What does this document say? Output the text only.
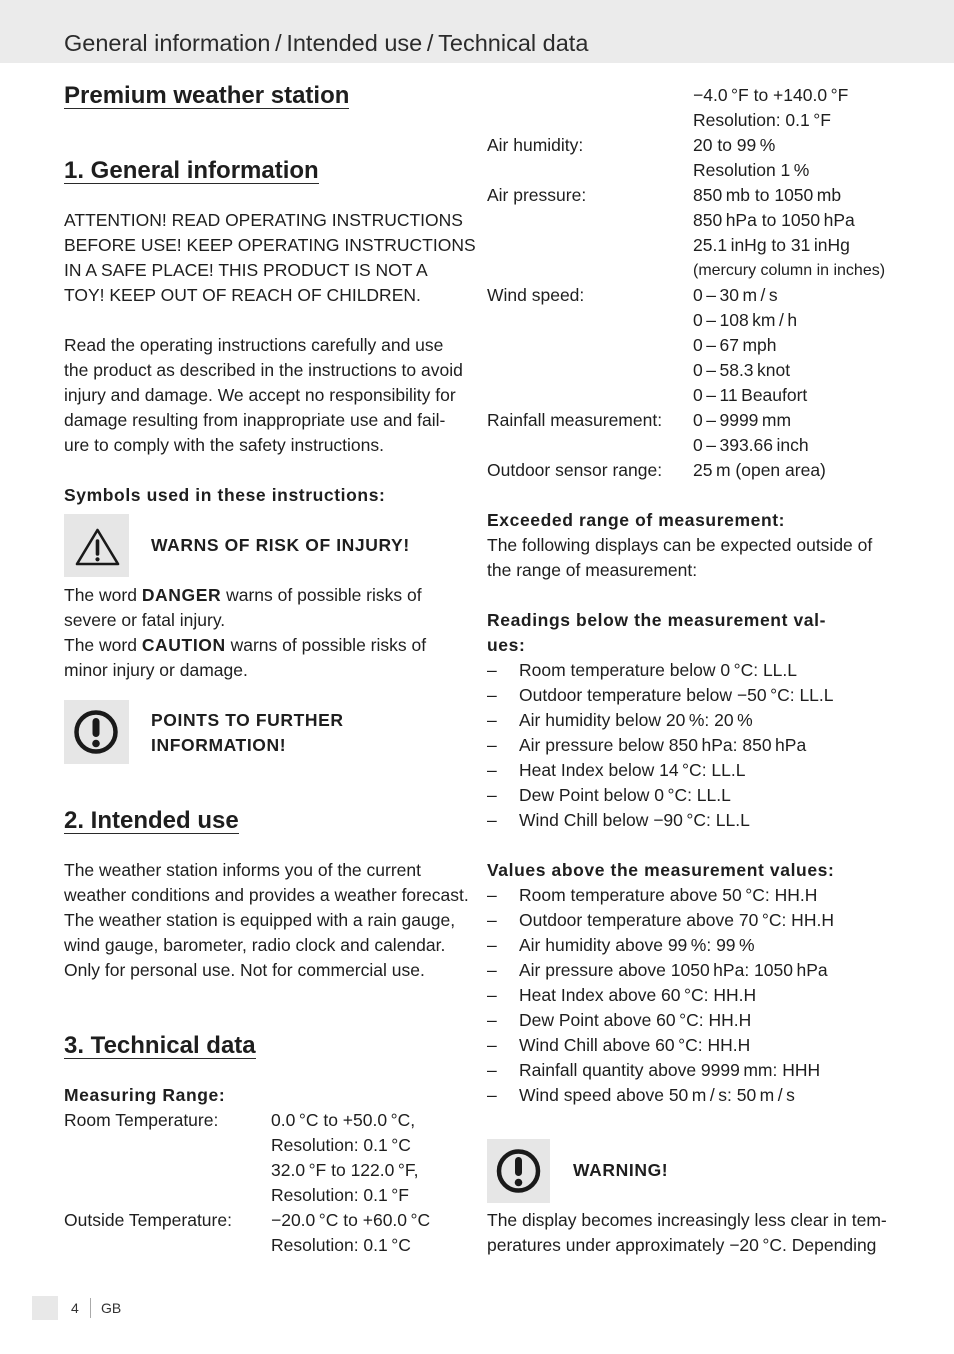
General information / Intended use / Technical data
Premium weather station
1. General information
ATTENTION! READ OPERATING INSTRUCTIONS
BEFORE USE! KEEP OPERATING INSTRUCTIONS
IN A SAFE PLACE! THIS PRODUCT IS NOT A
TOY! KEEP OUT OF REACH OF CHILDREN.
Read the operating instructions carefully and use
the product as described in the instructions to avoid
injury and damage. We accept no responsibility for
damage resulting from inappropriate use and fail-
ure to comply with the safety instructions.
Symbols used in these instructions:
WARNS OF RISK OF INJURY!
The word DANGER warns of possible risks of
severe or fatal injury.
The word CAUTION warns of possible risks of
minor injury or damage.
POINTS TO FURTHER
INFORMATION!
2. Intended use
The weather station informs you of the current
weather conditions and provides a weather forecast.
The weather station is equipped with a rain gauge,
wind gauge, barometer, radio clock and calendar.
Only for personal use. Not for commercial use.
3. Technical data
Measuring Range:
Room Temperature:	0.0 °C to +50.0 °C,
Resolution: 0.1 °C
32.0 °F to 122.0 °F,
Resolution: 0.1 °F
Outside Temperature: −20.0 °C to +60.0 °C
Resolution: 0.1 °C
−4.0 °F to +140.0 °F
Resolution: 0.1 °F
Air humidity:	20 to 99 %
Resolution 1 %
Air pressure:	850 mb to 1050 mb
850 hPa to 1050 hPa
25.1 inHg to 31 inHg
(mercury column in inches)
Wind speed:	0 – 30 m / s
0 – 108 km / h
0 – 67 mph
0 – 58.3 knot
0 – 11 Beaufort
Rainfall measurement: 0 – 9999 mm
0 – 393.66 inch
Outdoor sensor range: 25 m (open area)
Exceeded range of measurement:
The following displays can be expected outside of
the range of measurement:
Readings below the measurement val-
ues:
– Room temperature below 0 °C: LL.L
– Outdoor temperature below −50 °C: LL.L
– Air humidity below 20 %: 20 %
– Air pressure below 850 hPa: 850 hPa
– Heat Index below 14 °C: LL.L
– Dew Point below 0 °C: LL.L
– Wind Chill below −90 °C: LL.L
Values above the measurement values:
– Room temperature above 50 °C: HH.H
– Outdoor temperature above 70 °C: HH.H
– Air humidity above 99 %: 99 %
– Air pressure above 1050 hPa: 1050 hPa
– Heat Index above 60 °C: HH.H
– Dew Point above 60 °C: HH.H
– Wind Chill above 60 °C: HH.H
– Rainfall quantity above 9999 mm: HHH
– Wind speed above 50 m / s: 50 m / s
WARNING!
The display becomes increasingly less clear in tem-
peratures under approximately −20 °C. Depending
4 GB
